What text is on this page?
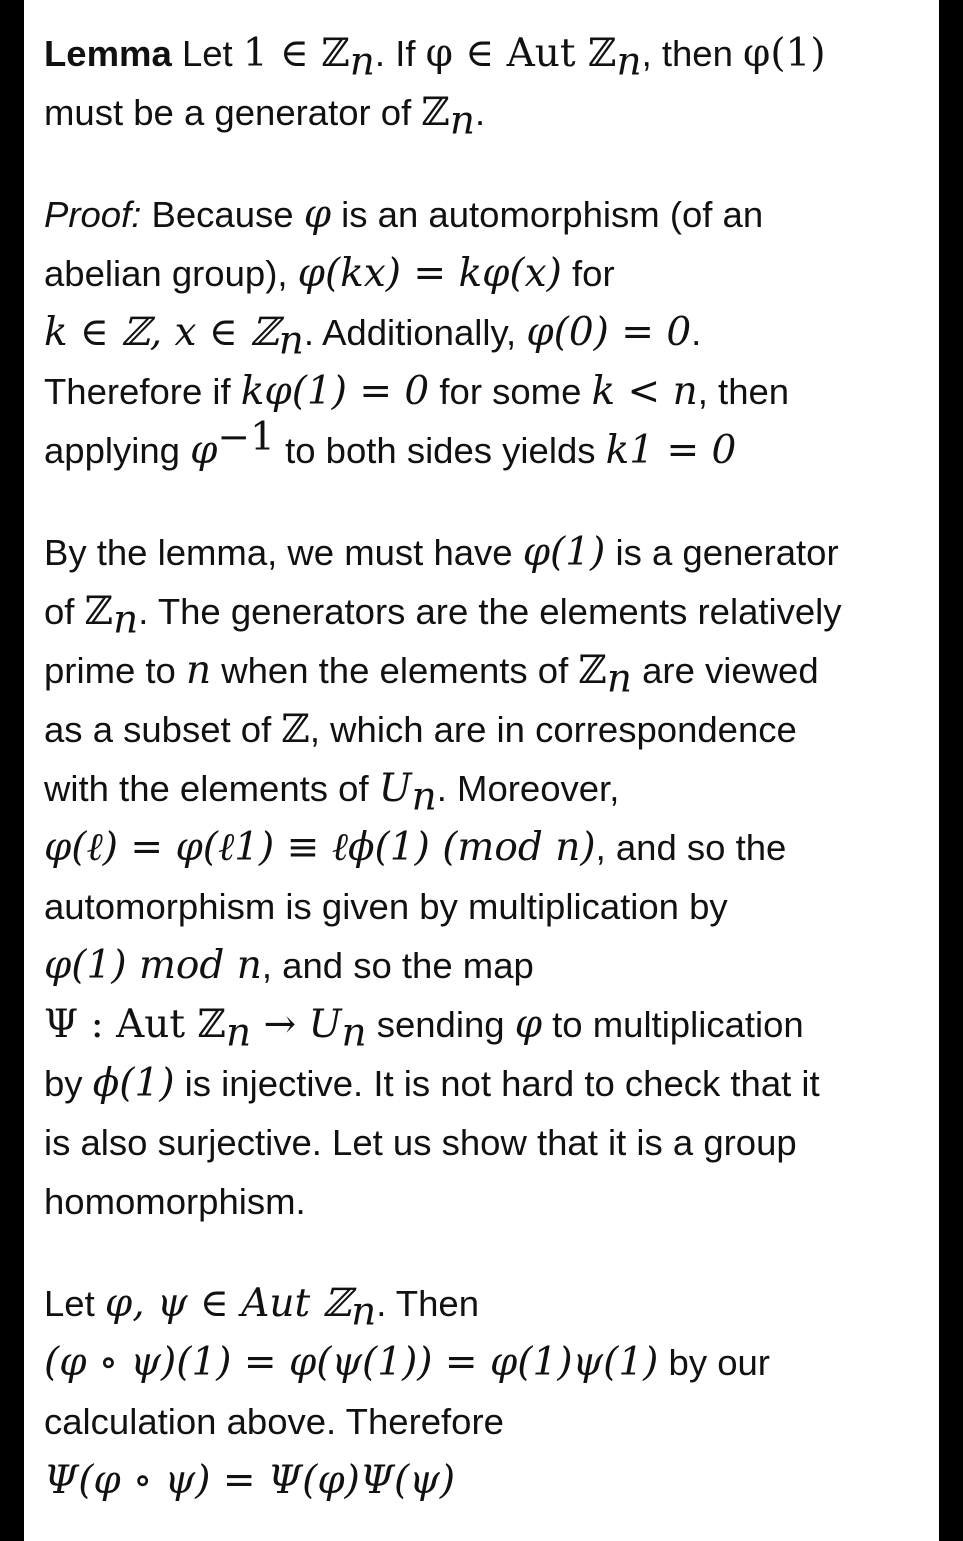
Lemma Let 1 ∈ ℤ$_n$. If φ ∈ Aut ℤ$_n$, then φ(1)
must be a generator of ℤ$_n$.
Proof: Because φ is an automorphism (of an
abelian group), φ(kx) = kφ(x) for
k ∈ ℤ, x ∈ ℤ$_n$. Additionally, φ(0) = 0.
Therefore if kφ(1) = 0 for some k < n, then
applying $\varphi^{-1}$ to both sides yields k1 = 0
By the lemma, we must have φ(1) is a generator
of ℤ$_n$. The generators are the elements relatively
prime to n when the elements of ℤ$_n$ are viewed
as a subset of ℤ, which are in correspondence
with the elements of $U_n$. Moreover,
φ(ℓ) = φ(ℓ1) ≡ ℓϕ(1) (mod n), and so the
automorphism is given by multiplication by
φ(1) mod n, and so the map
Ψ : Aut ℤ$_n$ → $U_n$ sending φ to multiplication
by ϕ(1) is injective. It is not hard to check that it
is also surjective. Let us show that it is a group
homomorphism.
Let φ, ψ ∈ Aut ℤ$_n$. Then
(φ ∘ ψ)(1) = φ(ψ(1)) = φ(1)ψ(1) by our
calculation above. Therefore
Ψ(φ ∘ ψ) = Ψ(φ)Ψ(ψ)
